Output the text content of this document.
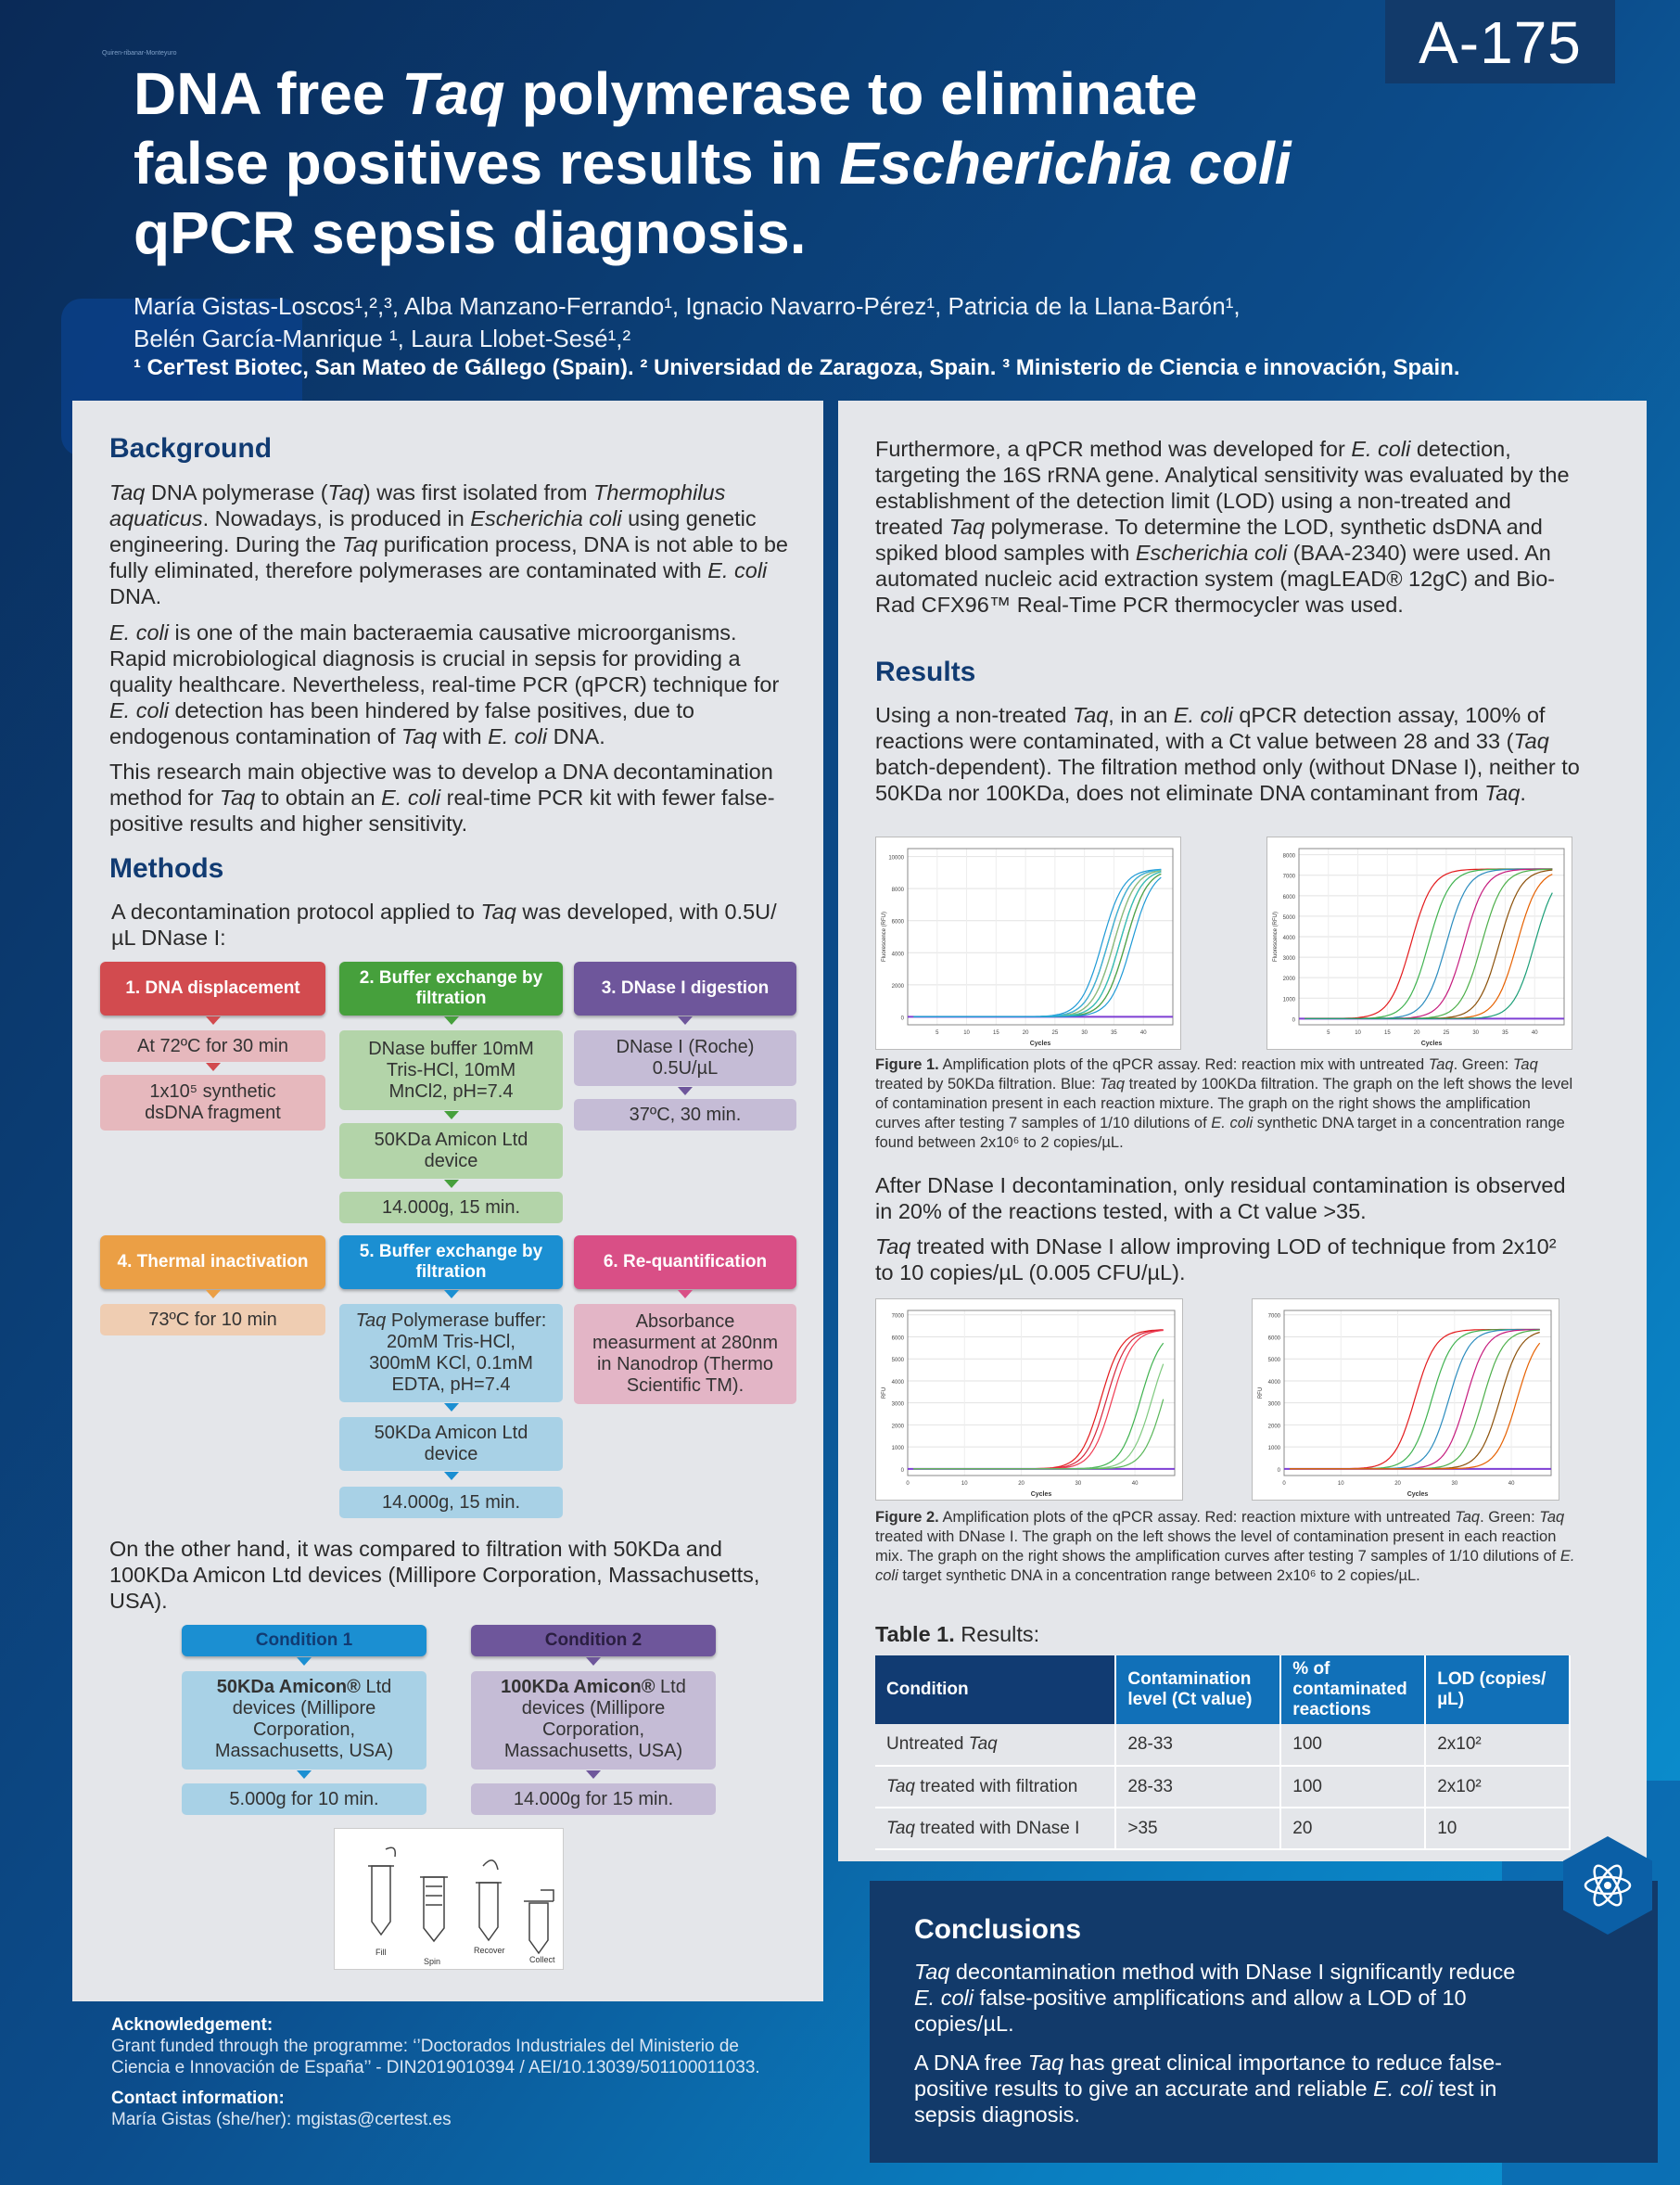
A-175
Quiren-ribanar-Monteyuro
DNA free Taq polymerase to eliminate
false positives results in Escherichia coli
qPCR sepsis diagnosis.
María Gistas-Loscos¹,²,³, Alba Manzano-Ferrando¹, Ignacio Navarro-Pérez¹, Patricia de la Llana-Barón¹,
Belén García-Manrique ¹, Laura Llobet-Sesé¹,²
¹ CerTest Biotec, San Mateo de Gállego (Spain). ² Universidad de Zaragoza, Spain. ³ Ministerio de Ciencia e innovación, Spain.
Background

Taq DNA polymerase (Taq) was first isolated from Thermophilus aquaticus. Nowadays, is produced in Escherichia coli using genetic engineering. During the Taq purification process, DNA is not able to be fully eliminated, therefore polymerases are contaminated with E. coli DNA.

E. coli is one of the main bacteraemia causative microorganisms. Rapid microbiological diagnosis is crucial in sepsis for providing a quality healthcare. Nevertheless, real-time PCR (qPCR) technique for E. coli detection has been hindered by false positives, due to endogenous contamination of Taq with E. coli DNA.

This research main objective was to develop a DNA decontamination method for Taq to obtain an E. coli real-time PCR kit with fewer false-positive results and higher sensitivity.

Methods

A decontamination protocol applied to Taq was developed, with 0.5U/µL DNase I:

1. DNA displacement
At 72ºC for 30 min
1x10⁵ synthetic dsDNA fragment
2. Buffer exchange by filtration
DNase buffer 10mM Tris-HCl, 10mM MnCl2, pH=7.4
50KDa Amicon Ltd device
14.000g, 15 min.
3. DNase I digestion
DNase I (Roche) 0.5U/µL
37ºC, 30 min.
4. Thermal inactivation
73ºC for 10 min
5. Buffer exchange by filtration
Taq Polymerase buffer: 20mM Tris-HCl, 300mM KCl, 0.1mM EDTA, pH=7.4
50KDa Amicon Ltd device
14.000g, 15 min.
6. Re-quantification
Absorbance measurment at 280nm in Nanodrop (Thermo Scientific TM).

On the other hand, it was compared to filtration with 50KDa and 100KDa Amicon Ltd devices (Millipore Corporation, Massachusetts, USA).

Condition 1
50KDa Amicon® Ltd devices (Millipore Corporation, Massachusetts, USA)
5.000g for 10 min.
Condition 2
100KDa Amicon® Ltd devices (Millipore Corporation, Massachusetts, USA)
14.000g for 15 min.
Fill
Spin
Recover
Collect
Acknowledgement:
Grant funded through the programme: ‘’Doctorados Industriales del Ministerio de Ciencia e Innovación de España’’ - DIN2019010394 / AEI/10.13039/501100011033.
Contact information:
María Gistas (she/her): mgistas@certest.es

Furthermore, a qPCR method was developed for E. coli detection, targeting the 16S rRNA gene. Analytical sensitivity was evaluated by the establishment of the detection limit (LOD) using a non-treated and treated Taq polymerase. To determine the LOD, synthetic dsDNA and spiked blood samples with Escherichia coli (BAA-2340) were used. An automated nucleic acid extraction system (magLEAD® 12gC) and Bio-Rad CFX96™ Real-Time PCR thermocycler was used.

Results

Using a non-treated Taq, in an E. coli qPCR detection assay, 100% of reactions were contaminated, with a Ct value between 28 and 33 (Taq batch-dependent). The filtration method only (without DNase I), neither to 50KDa nor 100KDa, does not eliminate DNA contaminant from Taq.

0
2000
4000
6000
8000
10000
5	10	15	20	25	30	35	40
Cycles
Fluorescence (RFU)
0
1000
2000
3000
4000
5000
6000
7000
8000
5	10	15	20	25	30	35	40
Cycles
Fluorescence (RFU)

Figure 1. Amplification plots of the qPCR assay. Red: reaction mix with untreated Taq. Green: Taq treated by 50KDa filtration. Blue: Taq treated by 100KDa filtration. The graph on the left shows the level of contamination present in each reaction mixture. The graph on the right shows the amplification curves after testing 7 samples of 1/10 dilutions of E. coli synthetic DNA target in a concentration range found between 2x10⁶ to 2 copies/µL.

After DNase I decontamination, only residual contamination is observed in 20% of the reactions tested, with a Ct value >35.

Taq treated with DNase I allow improving LOD of technique from 2x10² to 10 copies/µL (0.005 CFU/µL).

0
1000
2000
3000
4000
5000
6000
7000
0	10	20	30	40
Cycles
RFU
0
1000
2000
3000
4000
5000
6000
7000
0	10	20	30	40
Cycles
RFU

Figure 2. Amplification plots of the qPCR assay. Red: reaction mixture with untreated Taq. Green: Taq treated with DNase I. The graph on the left shows the level of contamination present in each reaction mix. The graph on the right shows the amplification curves after testing 7 samples of 1/10 dilutions of E. coli target synthetic DNA in a concentration range between 2x10⁶ to 2 copies/µL.

Table 1. Results:

Condition	Contamination level (Ct value)	% of contaminated reactions	LOD (copies/µL)
Untreated Taq	28-33	100	2x10²
Taq treated with filtration	28-33	100	2x10²
Taq treated with DNase I	>35	20	10
Conclusions

Taq decontamination method with DNase I significantly reduce E. coli false-positive amplifications and allow a LOD of 10 copies/µL.

A DNA free Taq has great clinical importance to reduce false-positive results to give an accurate and reliable E. coli test in sepsis diagnosis.
